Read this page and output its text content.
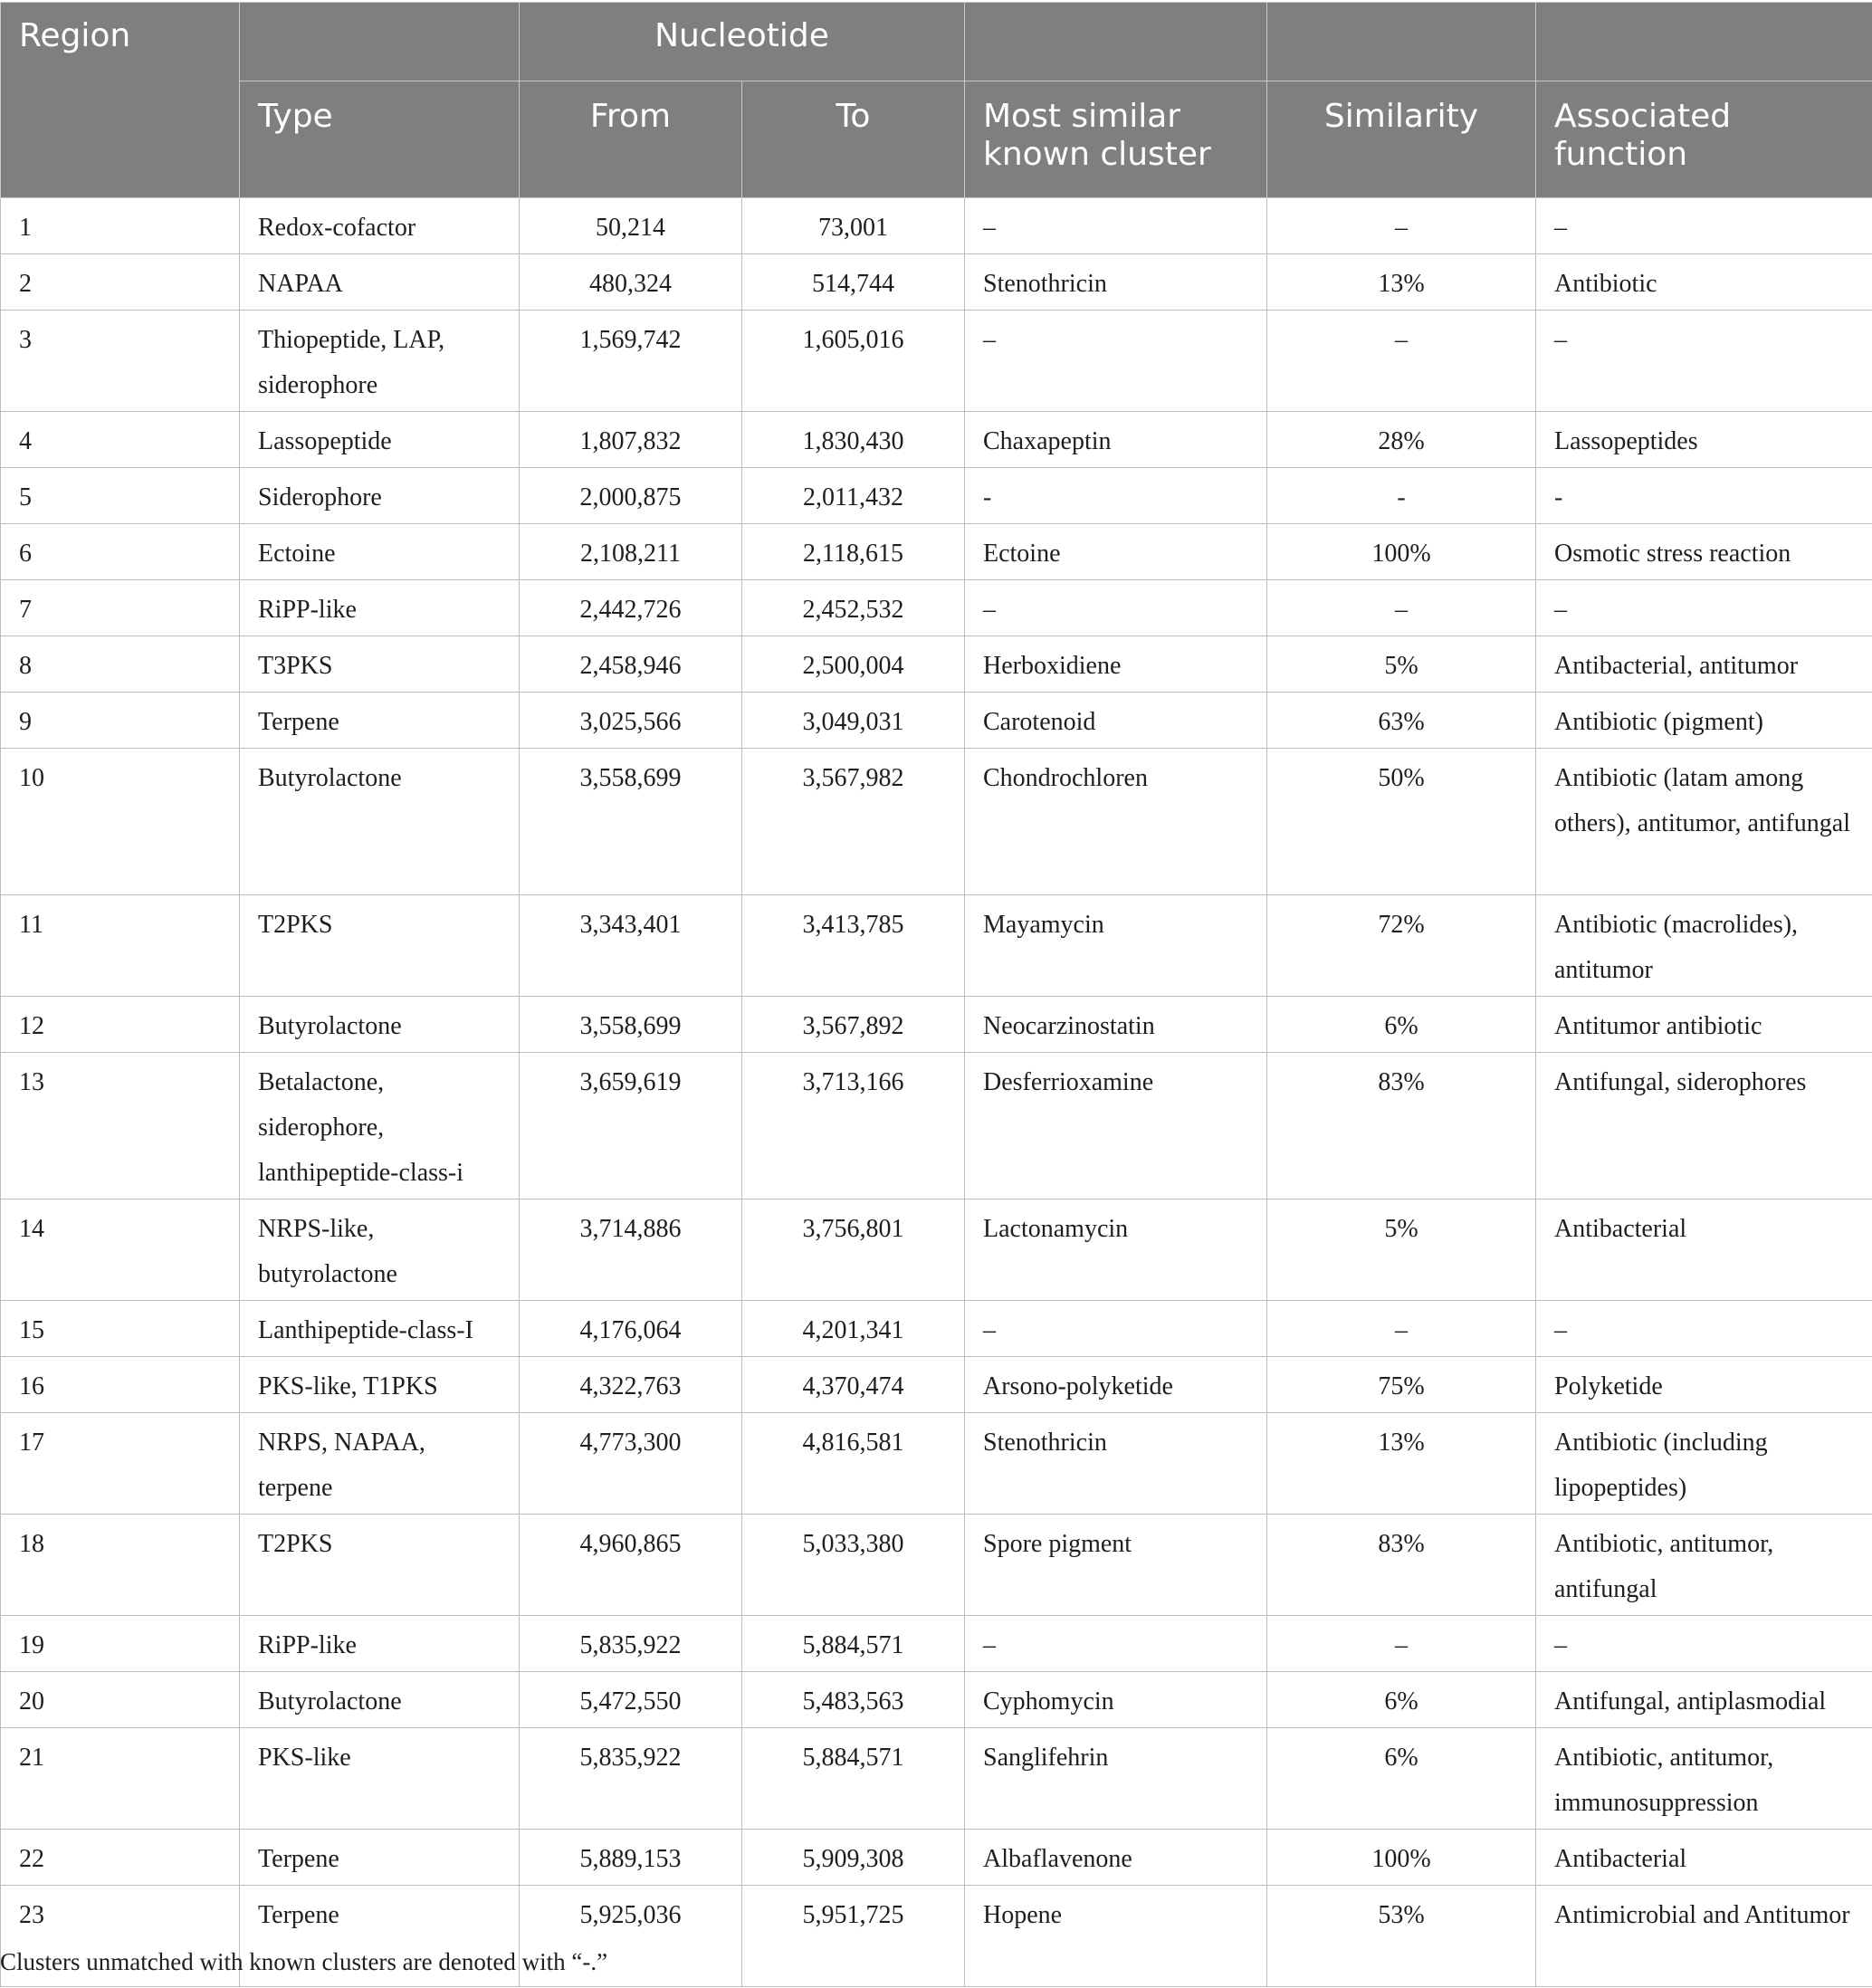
Region		Nucleotide				
	Type	From	To	Most similar known cluster	Similarity	Associated function
1	Redox-cofactor	50,214	73,001	–	–	–
2	NAPAA	480,324	514,744	Stenothricin	13%	Antibiotic
3	Thiopeptide, LAP, siderophore	1,569,742	1,605,016	–	–	–
4	Lassopeptide	1,807,832	1,830,430	Chaxapeptin	28%	Lassopeptides
5	Siderophore	2,000,875	2,011,432	-	-	-
6	Ectoine	2,108,211	2,118,615	Ectoine	100%	Osmotic stress reaction
7	RiPP-like	2,442,726	2,452,532	–	–	–
8	T3PKS	2,458,946	2,500,004	Herboxidiene	5%	Antibacterial, antitumor
9	Terpene	3,025,566	3,049,031	Carotenoid	63%	Antibiotic (pigment)
10	Butyrolactone	3,558,699	3,567,982	Chondrochloren	50%	Antibiotic (latam among others), antitumor, antifungal
11	T2PKS	3,343,401	3,413,785	Mayamycin	72%	Antibiotic (macrolides), antitumor
12	Butyrolactone	3,558,699	3,567,892	Neocarzinostatin	6%	Antitumor antibiotic
13	Betalactone, siderophore, lanthipeptide-class-i	3,659,619	3,713,166	Desferrioxamine	83%	Antifungal, siderophores
14	NRPS-like, butyrolactone	3,714,886	3,756,801	Lactonamycin	5%	Antibacterial
15	Lanthipeptide-class-I	4,176,064	4,201,341	–	–	–
16	PKS-like, T1PKS	4,322,763	4,370,474	Arsono-polyketide	75%	Polyketide
17	NRPS, NAPAA, terpene	4,773,300	4,816,581	Stenothricin	13%	Antibiotic (including lipopeptides)
18	T2PKS	4,960,865	5,033,380	Spore pigment	83%	Antibiotic, antitumor, antifungal
19	RiPP-like	5,835,922	5,884,571	–	–	–
20	Butyrolactone	5,472,550	5,483,563	Cyphomycin	6%	Antifungal, antiplasmodial
21	PKS-like	5,835,922	5,884,571	Sanglifehrin	6%	Antibiotic, antitumor, immunosuppression
22	Terpene	5,889,153	5,909,308	Albaflavenone	100%	Antibacterial
23	Terpene	5,925,036	5,951,725	Hopene	53%	Antimicrobial and Antitumor
Clusters unmatched with known clusters are denoted with “-.”
